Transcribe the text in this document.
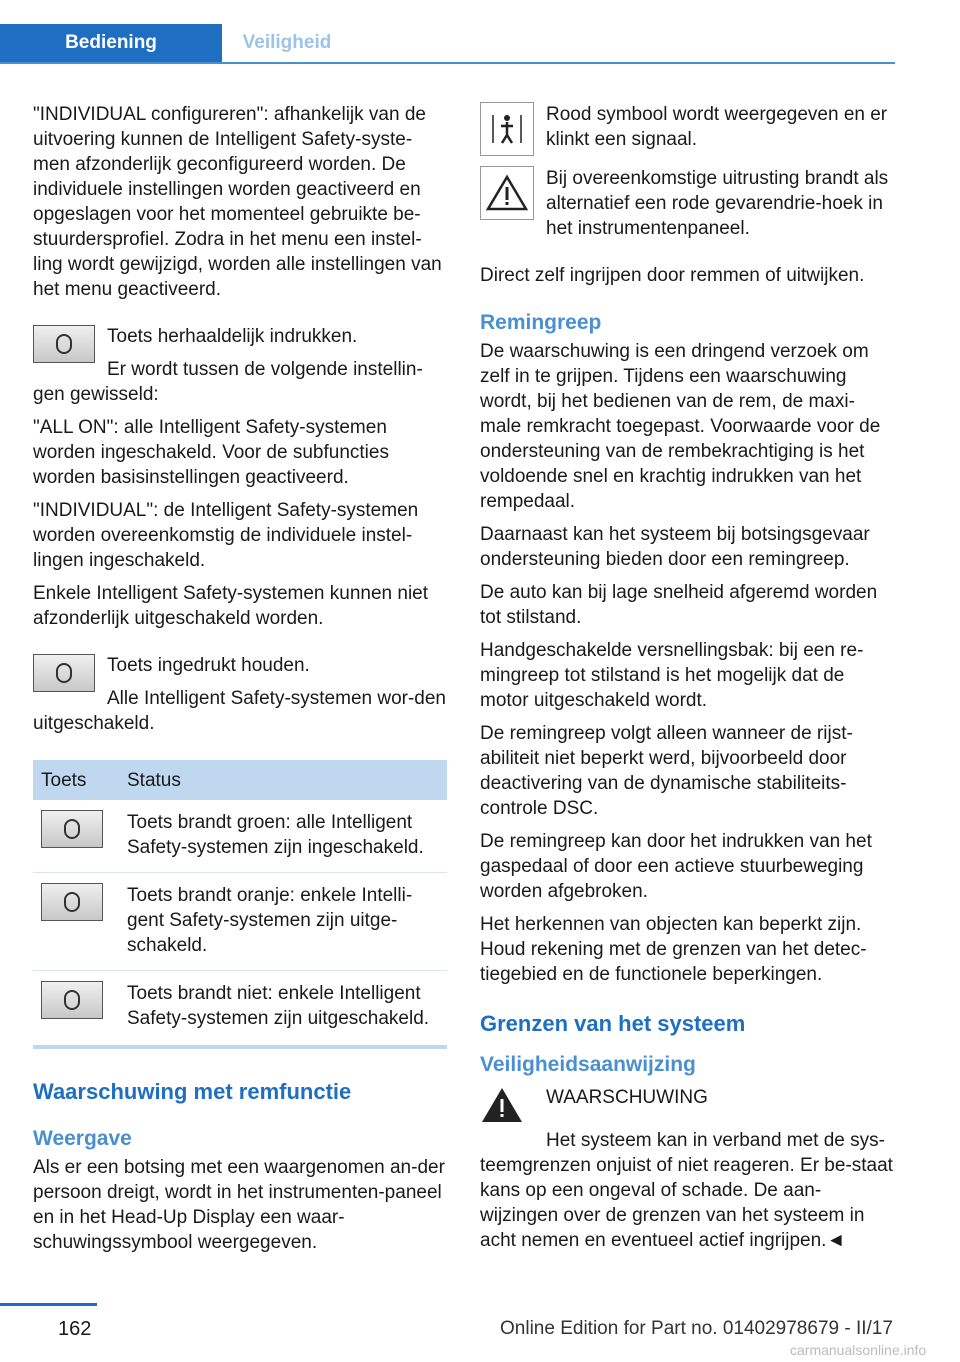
Bediening	Veiligheid

"INDIVIDUAL configureren": afhankelijk van de uitvoering kunnen de Intelligent Safety-syste-men afzonderlijk geconfigureerd worden. De individuele instellingen worden geactiveerd en opgeslagen voor het momenteel gebruikte be-stuurdersprofiel. Zodra in het menu een instel-ling wordt gewijzigd, worden alle instellingen van het menu geactiveerd.

Toets herhaaldelijk indrukken.

Er wordt tussen de volgende instellin-gen gewisseld:

"ALL ON": alle Intelligent Safety-systemen worden ingeschakeld. Voor de subfuncties worden basisinstellingen geactiveerd.

"INDIVIDUAL": de Intelligent Safety-systemen worden overeenkomstig de individuele instel-lingen ingeschakeld.

Enkele Intelligent Safety-systemen kunnen niet afzonderlijk uitgeschakeld worden.

Toets ingedrukt houden.

Alle Intelligent Safety-systemen wor-den uitgeschakeld.

Toets	Status
	Toets brandt groen: alle Intelligent Safety-systemen zijn ingeschakeld.
	Toets brandt oranje: enkele Intelli-gent Safety-systemen zijn uitge-schakeld.
	Toets brandt niet: enkele Intelligent Safety-systemen zijn uitgeschakeld.
Waarschuwing met remfunctie
Weergave

Als er een botsing met een waargenomen an-der persoon dreigt, wordt in het instrumenten-paneel en in het Head-Up Display een waar-schuwingssymbool weergegeven.

Rood symbool wordt weergegeven en er klinkt een signaal.

Bij overeenkomstige uitrusting brandt als alternatief een rode gevarendrie-hoek in het instrumentenpaneel.

Direct zelf ingrijpen door remmen of uitwijken.

Remingreep

De waarschuwing is een dringend verzoek om zelf in te grijpen. Tijdens een waarschuwing wordt, bij het bedienen van de rem, de maxi-male remkracht toegepast. Voorwaarde voor de ondersteuning van de rembekrachtiging is het voldoende snel en krachtig indrukken van het rempedaal.

Daarnaast kan het systeem bij botsingsgevaar ondersteuning bieden door een remingreep.

De auto kan bij lage snelheid afgeremd worden tot stilstand.

Handgeschakelde versnellingsbak: bij een re-mingreep tot stilstand is het mogelijk dat de motor uitgeschakeld wordt.

De remingreep volgt alleen wanneer de rijst-abiliteit niet beperkt werd, bijvoorbeeld door deactivering van de dynamische stabiliteits-controle DSC.

De remingreep kan door het indrukken van het gaspedaal of door een actieve stuurbeweging worden afgebroken.

Het herkennen van objecten kan beperkt zijn. Houd rekening met de grenzen van het detec-tiegebied en de functionele beperkingen.

Grenzen van het systeem
Veiligheidsaanwijzing

WAARSCHUWING

Het systeem kan in verband met de sys-teemgrenzen onjuist of niet reageren. Er be-staat kans op een ongeval of schade. De aan-wijzingen over de grenzen van het systeem in acht nemen en eventueel actief ingrijpen.◄

162	Online Edition for Part no. 01402978679 - II/17
carmanualsonline.info
